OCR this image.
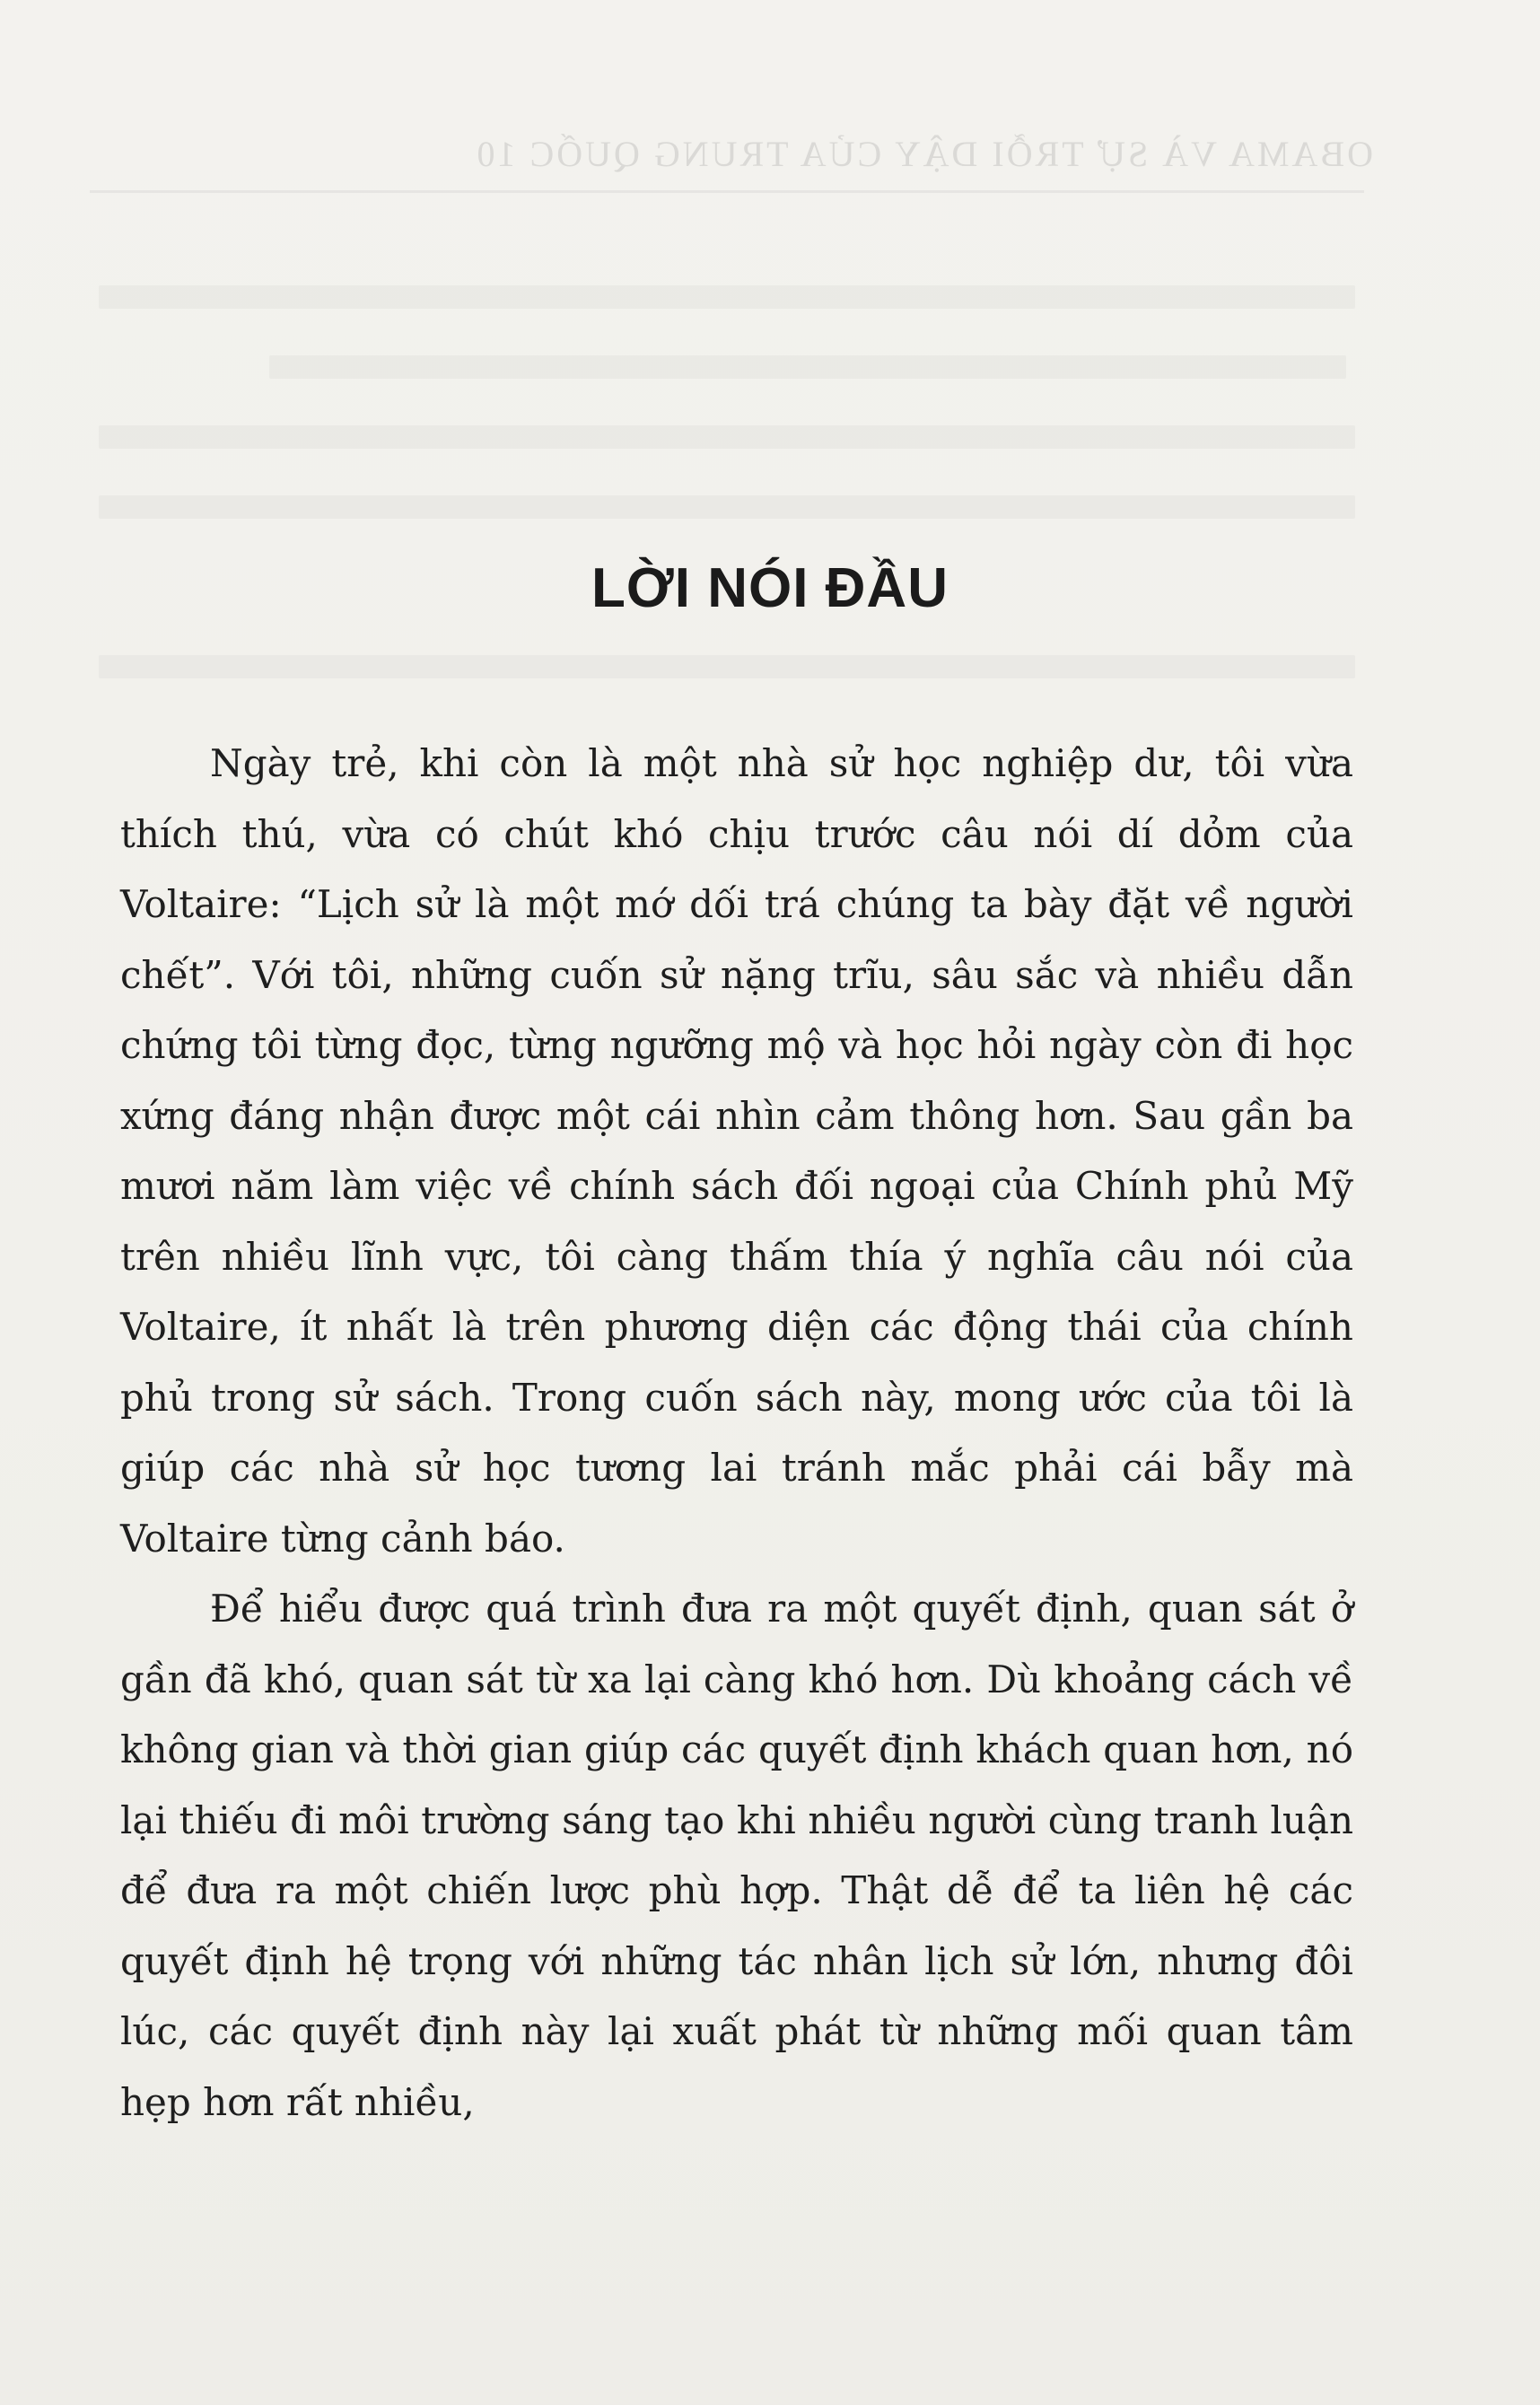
OBAMA VÀ SỰ TRỖI DẬY CỦA TRUNG QUỐC 10
LỜI NÓI ĐẦU

Ngày trẻ, khi còn là một nhà sử học nghiệp dư, tôi vừa thích thú, vừa có chút khó chịu trước câu nói dí dỏm của Voltaire: “Lịch sử là một mớ dối trá chúng ta bày đặt về người chết”. Với tôi, những cuốn sử nặng trĩu, sâu sắc và nhiều dẫn chứng tôi từng đọc, từng ngưỡng mộ và học hỏi ngày còn đi học xứng đáng nhận được một cái nhìn cảm thông hơn. Sau gần ba mươi năm làm việc về chính sách đối ngoại của Chính phủ Mỹ trên nhiều lĩnh vực, tôi càng thấm thía ý nghĩa câu nói của Voltaire, ít nhất là trên phương diện các động thái của chính phủ trong sử sách. Trong cuốn sách này, mong ước của tôi là giúp các nhà sử học tương lai tránh mắc phải cái bẫy mà Voltaire từng cảnh báo.

Để hiểu được quá trình đưa ra một quyết định, quan sát ở gần đã khó, quan sát từ xa lại càng khó hơn. Dù khoảng cách về không gian và thời gian giúp các quyết định khách quan hơn, nó lại thiếu đi môi trường sáng tạo khi nhiều người cùng tranh luận để đưa ra một chiến lược phù hợp. Thật dễ để ta liên hệ các quyết định hệ trọng với những tác nhân lịch sử lớn, nhưng đôi lúc, các quyết định này lại xuất phát từ những mối quan tâm hẹp hơn rất nhiều,
